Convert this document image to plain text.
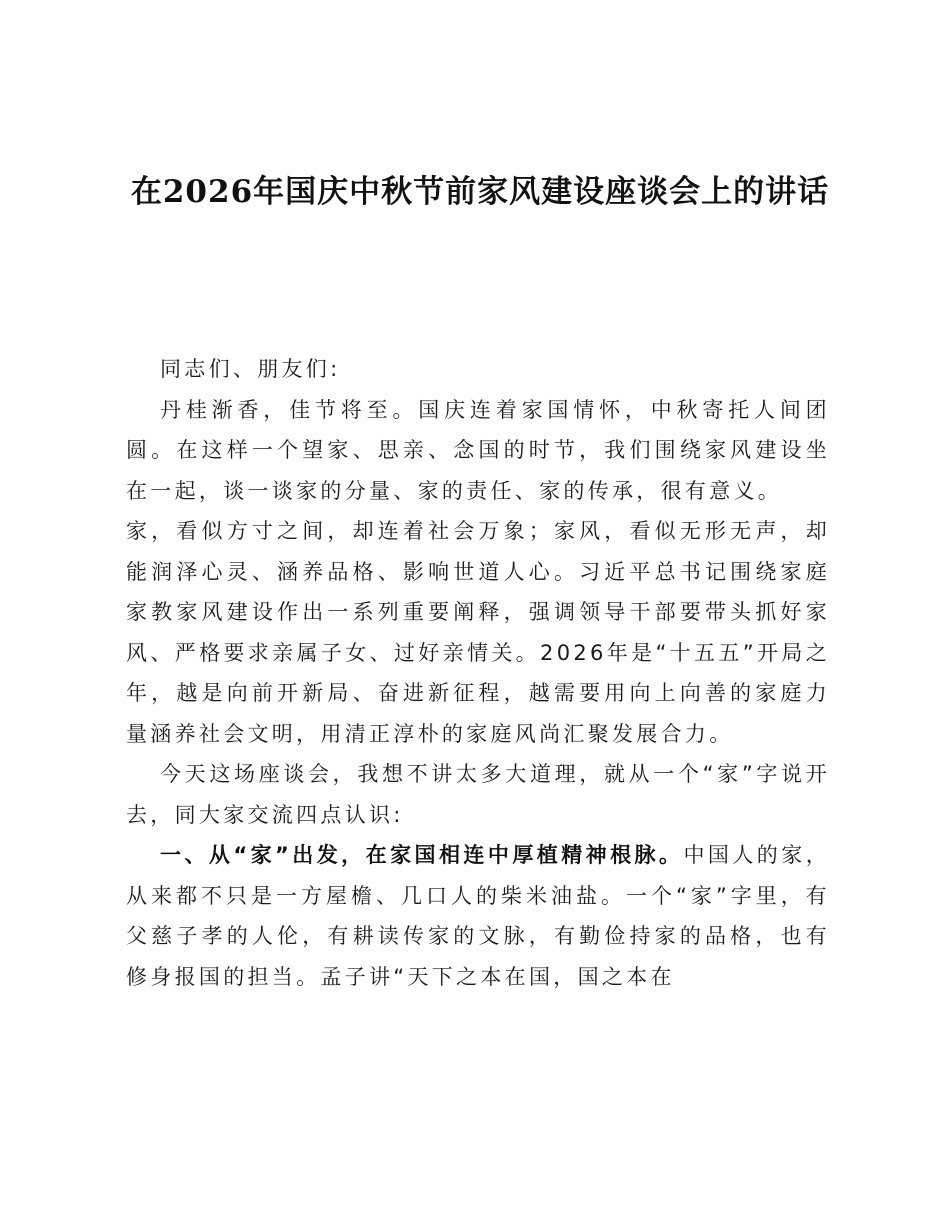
在2026年国庆中秋节前家风建设座谈会上的讲话

同志们、朋友们:

丹桂渐香，佳节将至。国庆连着家国情怀，中秋寄托人间团圆。在这样一个望家、思亲、念国的时节，我们围绕家风建设坐在一起，谈一谈家的分量、家的责任、家的传承，很有意义。

家，看似方寸之间，却连着社会万象；家风，看似无形无声，却能润泽心灵、涵养品格、影响世道人心。习近平总书记围绕家庭家教家风建设作出一系列重要阐释，强调领导干部要带头抓好家风、严格要求亲属子女、过好亲情关。2026年是“十五五”开局之年，越是向前开新局、奋进新征程，越需要用向上向善的家庭力量涵养社会文明，用清正淳朴的家庭风尚汇聚发展合力。

今天这场座谈会，我想不讲太多大道理，就从一个“家”字说开去，同大家交流四点认识:

一、从“家”出发，在家国相连中厚植精神根脉。中国人的家，从来都不只是一方屋檐、几口人的柴米油盐。一个“家”字里，有父慈子孝的人伦，有耕读传家的文脉，有勤俭持家的品格，也有修身报国的担当。孟子讲“天下之本在国，国之本在
